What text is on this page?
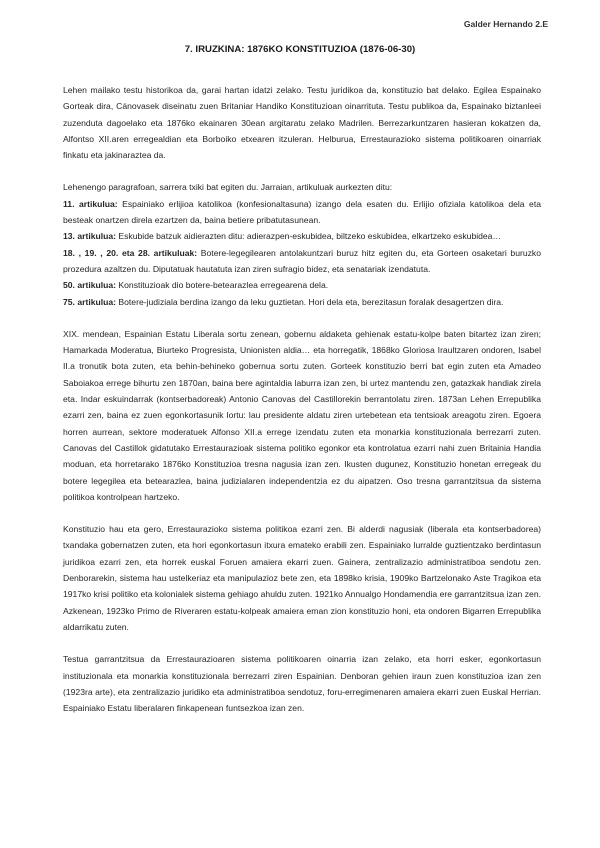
Galder Hernando 2.E
7. IRUZKINA: 1876KO KONSTITUZIOA (1876-06-30)

Lehen mailako testu historikoa da, garai hartan idatzi zelako. Testu juridikoa da, konstituzio bat delako. Egilea Espainako Gorteak dira, Cánovasek diseinatu zuen Britaniar Handiko Konstituzioan oinarrituta. Testu publikoa da, Espainako biztanleei zuzenduta dagoelako eta 1876ko ekainaren 30ean argitaratu zelako Madrilen. Berrezarkuntzaren hasieran kokatzen da, Alfontso XII.aren erregealdian eta Borboiko etxearen itzuleran. Helburua, Errestaurazioko sistema politikoaren oinarriak finkatu eta jakinaraztea da.

Lehenengo paragrafoan, sarrera txiki bat egiten du. Jarraian, artikuluak aurkezten ditu:

11. artikulua: Espainiako erlijioa katolikoa (konfesionaltasuna) izango dela esaten du. Erlijio ofiziala katolikoa dela eta besteak onartzen direla ezartzen da, baina betiere pribatutasunean.

13. artikulua: Eskubide batzuk aidierazten ditu: adierazpen-eskubidea, biltzeko eskubidea, elkartzeko eskubidea…

18. , 19. , 20. eta 28. artikuluak: Botere-legegilearen antolakuntzari buruz hitz egiten du, eta Gorteen osaketari buruzko prozedura azaltzen du. Diputatuak hautatuta izan ziren sufragio bidez, eta senatariak izendatuta.

50. artikulua: Konstituzioak dio botere-betearazlea erregearena dela.

75. artikulua: Botere-judiziala berdina izango da leku guztietan. Hori dela eta, berezitasun foralak desagertzen dira.

XIX. mendean, Espainian Estatu Liberala sortu zenean, gobernu aldaketa gehienak estatu-kolpe baten bitartez izan ziren; Hamarkada Moderatua, Biurteko Progresista, Unionisten aldia… eta horregatik, 1868ko Gloriosa Iraultzaren ondoren, Isabel II.a tronutik bota zuten, eta behin-behineko gobernua sortu zuten. Gorteek konstituzio berri bat egin zuten eta Amadeo Saboiakoa errege bihurtu zen 1870an, baina bere agintaldia laburra izan zen, bi urtez mantendu zen, gatazkak handiak zirela eta. Indar eskuindarrak (kontserbadoreak) Antonio Canovas del Castillorekin berrantolatu ziren. 1873an Lehen Errepublika ezarri zen, baina ez zuen egonkortasunik lortu: lau presidente aldatu ziren urtebetean eta tentsioak areagotu ziren. Egoera horren aurrean, sektore moderatuek Alfonso XII.a errege izendatu zuten eta monarkia konstituzionala berrezarri zuten. Canovas del Castillok gidatutako Errestaurazioak sistema politiko egonkor eta kontrolatua ezarri nahi zuen Britainia Handia moduan, eta horretarako 1876ko Konstituzioa tresna nagusia izan zen. Ikusten dugunez, Konstituzio honetan erregeak du botere legegilea eta betearazlea, baina judizialaren independentzia ez du aipatzen. Oso tresna garrantzitsua da sistema politikoa kontrolpean hartzeko.

Konstituzio hau eta gero, Errestaurazioko sistema politikoa ezarri zen. Bi alderdi nagusiak (liberala eta kontserbadorea) txandaka gobernatzen zuten, eta hori egonkortasun itxura emateko erabili zen. Espainiako lurralde guztientzako berdintasun juridikoa ezarri zen, eta horrek euskal Foruen amaiera ekarri zuen. Gainera, zentralizazio administratiboa sendotu zen. Denborarekin, sistema hau ustelkeriaz eta manipulazioz bete zen, eta 1898ko krisia, 1909ko Bartzelonako Aste Tragikoa eta 1917ko krisi politiko eta kolonialek sistema gehiago ahuldu zuten. 1921ko Annualgo Hondamendia ere garrantzitsua izan zen. Azkenean, 1923ko Primo de Riveraren estatu-kolpeak amaiera eman zion konstituzio honi, eta ondoren Bigarren Errepublika aldarrikatu zuten.

Testua garrantzitsua da Errestaurazioaren sistema politikoaren oinarria izan zelako, eta horri esker, egonkortasun instituzionala eta monarkia konstituzionala berrezarri ziren Espainian. Denboran gehien iraun zuen konstituzioa izan zen (1923ra arte), eta zentralizazio juridiko eta administratiboa sendotuz, foru-erregimenaren amaiera ekarri zuen Euskal Herrian. Espainiako Estatu liberalaren finkapenean funtsezkoa izan zen.
